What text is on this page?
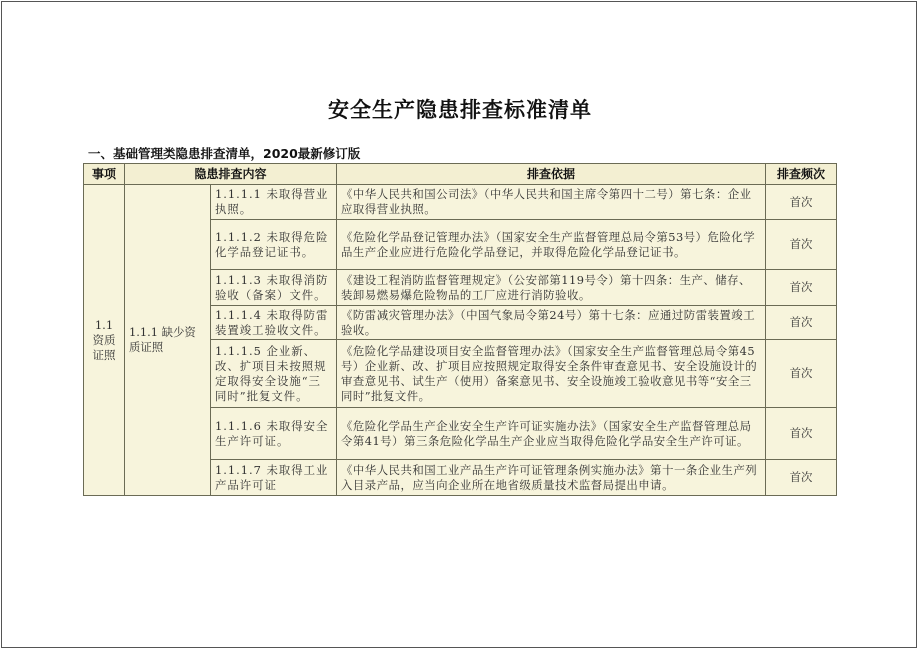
安全生产隐患排查标准清单
一、基础管理类隐患排查清单，2020最新修订版
事项	隐患排查内容		排查依据	排查频次
1.1 资质证照	1.1.1 缺少资质证照	1.1.1.1 未取得营业执照。	《中华人民共和国公司法》（中华人民共和国主席令第四十二号）第七条：企业应取得营业执照。	首次
		1.1.1.2 未取得危险化学品登记证书。	《危险化学品登记管理办法》（国家安全生产监督管理总局令第53号）危险化学品生产企业应进行危险化学品登记，并取得危险化学品登记证书。	首次
		1.1.1.3 未取得消防验收（备案）文件。	《建设工程消防监督管理规定》（公安部第119号令）第十四条：生产、储存、装卸易燃易爆危险物品的工厂应进行消防验收。	首次
		1.1.1.4 未取得防雷装置竣工验收文件。	《防雷减灾管理办法》（中国气象局令第24号）第十七条：应通过防雷装置竣工验收。	首次
		1.1.1.5 企业新、改、扩项目未按照规定取得安全设施“三同时”批复文件。	《危险化学品建设项目安全监督管理办法》（国家安全生产监督管理总局令第45号）企业新、改、扩项目应按照规定取得安全条件审查意见书、安全设施设计的审查意见书、试生产（使用）备案意见书、安全设施竣工验收意见书等“安全三同时”批复文件。	首次
		1.1.1.6 未取得安全生产许可证。	《危险化学品生产企业安全生产许可证实施办法》（国家安全生产监督管理总局令第41号）第三条危险化学品生产企业应当取得危险化学品安全生产许可证。	首次
		1.1.1.7 未取得工业产品许可证	《中华人民共和国工业产品生产许可证管理条例实施办法》第十一条企业生产列入目录产品，应当向企业所在地省级质量技术监督局提出申请。	首次
